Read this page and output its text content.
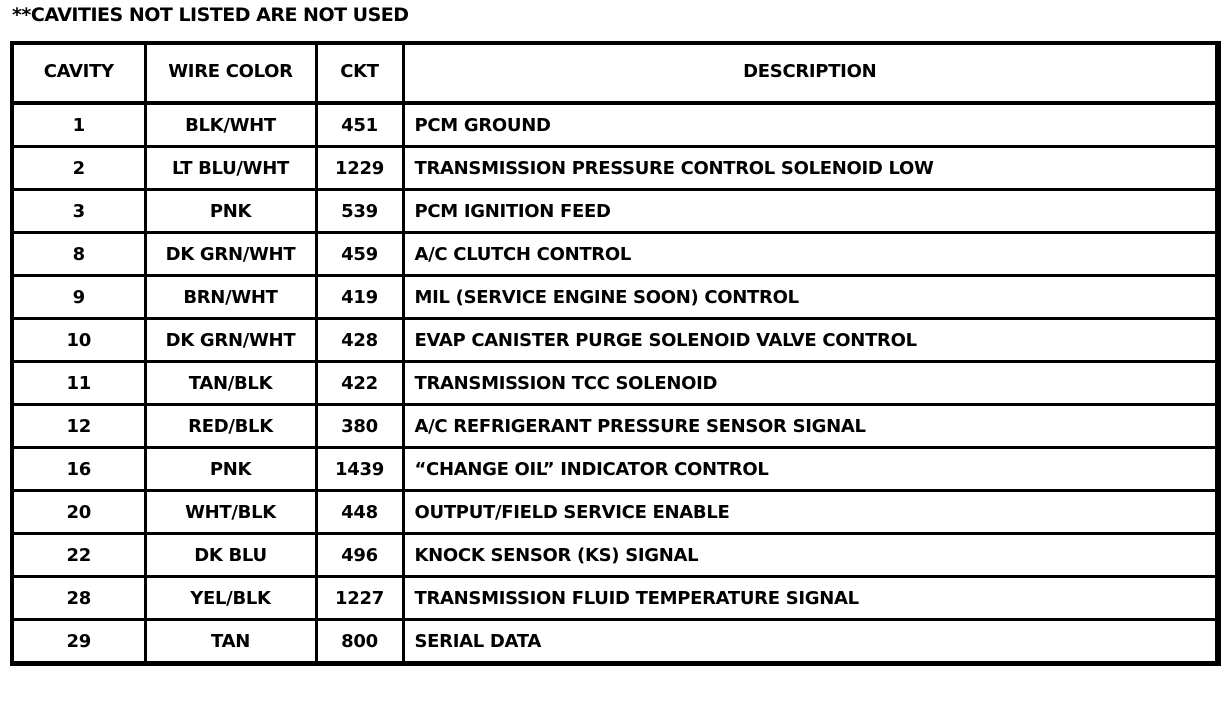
**CAVITIES NOT LISTED ARE NOT USED
CAVITY	WIRE COLOR	CKT	DESCRIPTION
1	BLK/WHT	451	PCM GROUND
2	LT BLU/WHT	1229	TRANSMISSION PRESSURE CONTROL SOLENOID LOW
3	PNK	539	PCM IGNITION FEED
8	DK GRN/WHT	459	A/C CLUTCH CONTROL
9	BRN/WHT	419	MIL (SERVICE ENGINE SOON) CONTROL
10	DK GRN/WHT	428	EVAP CANISTER PURGE SOLENOID VALVE CONTROL
11	TAN/BLK	422	TRANSMISSION TCC SOLENOID
12	RED/BLK	380	A/C REFRIGERANT PRESSURE SENSOR SIGNAL
16	PNK	1439	“CHANGE OIL” INDICATOR CONTROL
20	WHT/BLK	448	OUTPUT/FIELD SERVICE ENABLE
22	DK BLU	496	KNOCK SENSOR (KS) SIGNAL
28	YEL/BLK	1227	TRANSMISSION FLUID TEMPERATURE SIGNAL
29	TAN	800	SERIAL DATA
